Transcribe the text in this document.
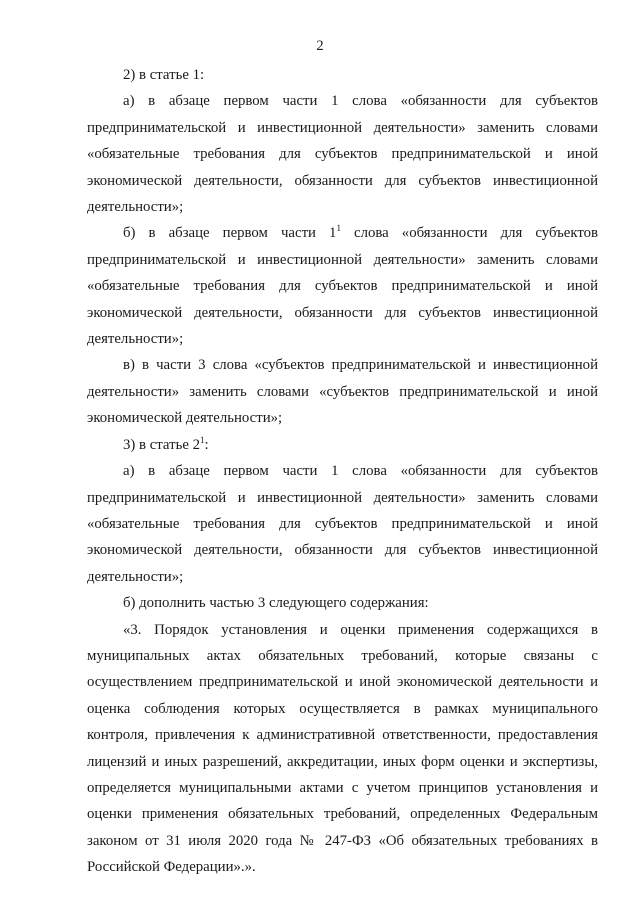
2

2) в статье 1:

а) в абзаце первом части 1 слова «обязанности для субъектов предпринимательской и инвестиционной деятельности» заменить словами «обязательные требования для субъектов предпринимательской и иной экономической деятельности, обязанности для субъектов инвестиционной деятельности»;

б) в абзаце первом части $1^1$ слова «обязанности для субъектов предпринимательской и инвестиционной деятельности» заменить словами «обязательные требования для субъектов предпринимательской и иной экономической деятельности, обязанности для субъектов инвестиционной деятельности»;

в) в части 3 слова «субъектов предпринимательской и инвестиционной деятельности» заменить словами «субъектов предпринимательской и иной экономической деятельности»;

3) в статье $2^1$:

а) в абзаце первом части 1 слова «обязанности для субъектов предпринимательской и инвестиционной деятельности» заменить словами «обязательные требования для субъектов предпринимательской и иной экономической деятельности, обязанности для субъектов инвестиционной деятельности»;

б) дополнить частью 3 следующего содержания:

«3. Порядок установления и оценки применения содержащихся в муниципальных актах обязательных требований, которые связаны с осуществлением предпринимательской и иной экономической деятельности и оценка соблюдения которых осуществляется в рамках муниципального контроля, привлечения к административной ответственности, предоставления лицензий и иных разрешений, аккредитации, иных форм оценки и экспертизы, определяется муниципальными актами с учетом принципов установления и оценки применения обязательных требований, определенных Федеральным законом от 31 июля 2020 года № 247-ФЗ «Об обязательных требованиях в Российской Федерации».».
